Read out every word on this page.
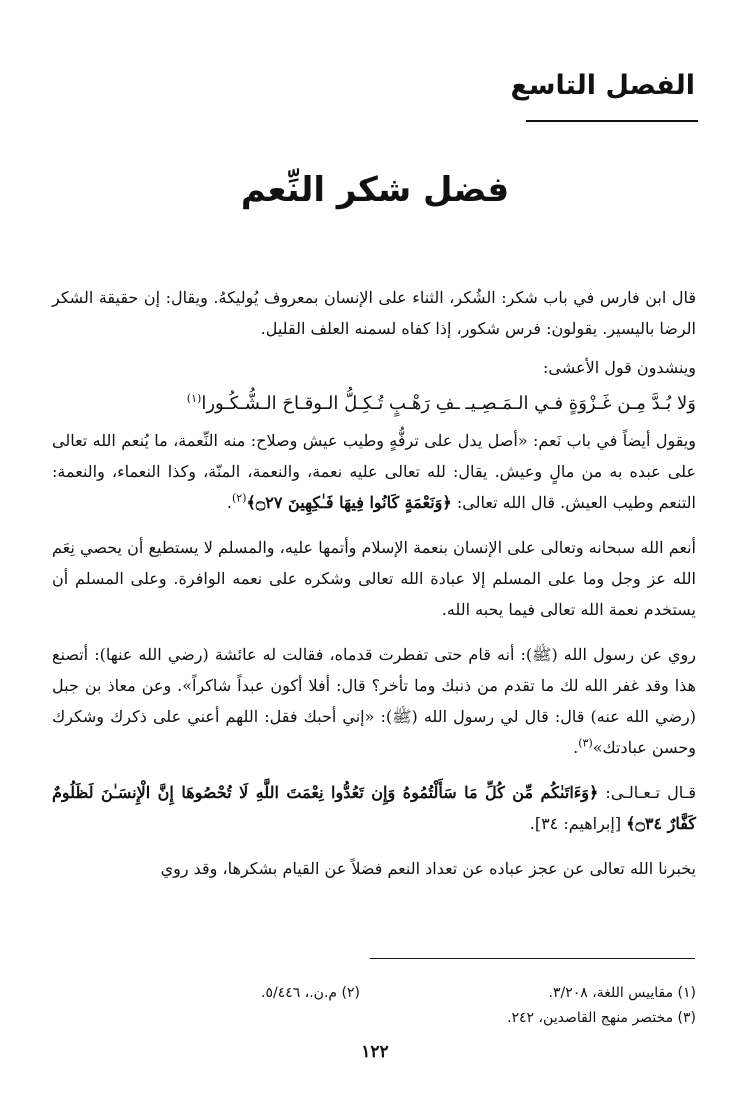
الفصل التاسع
فضل شكر النِّعم

قال ابن فارس في باب شكر: الشُكر، الثناء على الإنسان بمعروف يُوليكهُ. ويقال: إن حقيقة الشكر الرضا باليسير. يقولون: فرس شكور، إذا كفاه لسمنه العلف القليل.

وينشدون قول الأعشى:

وَلا بُـدَّ مِـن غَـزْوَةٍ فـي الـمَـصِـيـ ـفِ رَهْـبٍ تُـكِـلُّ الـوقـاحَ الـشُّـكُـورا$^{(١)}$

ويقول أيضاً في باب نَعم: «أصل يدل على ترفُّهٍ وطيب عيش وصلاح: منه النِّعمة، ما يُنعم الله تعالى على عبده به من مالٍ وعيش. يقال: لله تعالى عليه نعمة، والنعمة، المنّة، وكذا النعماء، والنعمة: التنعم وطيب العيش. قال الله تعالى: ﴿وَنَعْمَةٍ كَانُوا فِيهَا فَـٰكِهِينَ ۝٢٧﴾$^{(٢)}$.

أنعم الله سبحانه وتعالى على الإنسان بنعمة الإسلام وأتمها عليه، والمسلم لا يستطيع أن يحصي نِعَم الله عز وجل وما على المسلم إلا عبادة الله تعالى وشكره على نعمه الوافرة. وعلى المسلم أن يستخدم نعمة الله تعالى فيما يحبه الله.

روي عن رسول الله (ﷺ): أنه قام حتى تفطرت قدماه، فقالت له عائشة (رضي الله عنها): أتصنع هذا وقد غفر الله لك ما تقدم من ذنبك وما تأخر؟ قال: أفلا أكون عبداً شاكراً». وعن معاذ بن جبل (رضي الله عنه) قال: قال لي رسول الله (ﷺ): «إني أحبك فقل: اللهم أعني على ذكرك وشكرك وحسن عبادتك»$^{(٣)}$.

قـال تـعـالـى: ﴿وَءَاتَىٰكُم مِّن كُلِّ مَا سَأَلْتُمُوهُ وَإِن تَعُدُّوا نِعْمَتَ اللَّهِ لَا تُحْصُوهَا إِنَّ الْإِنسَـٰنَ لَظَلُومٌ كَفَّارٌ ۝٣٤﴾ [إبراهيم: ٣٤].

يخبرنا الله تعالى عن عجز عباده عن تعداد النعم فضلاً عن القيام بشكرها، وقد روي

(١) مقاييس اللغة، ٣/٢٠٨.
(٢) م.ن.، ٥/٤٤٦.
(٣) مختصر منهج القاصدين، ٢٤٢.
١٢٢
